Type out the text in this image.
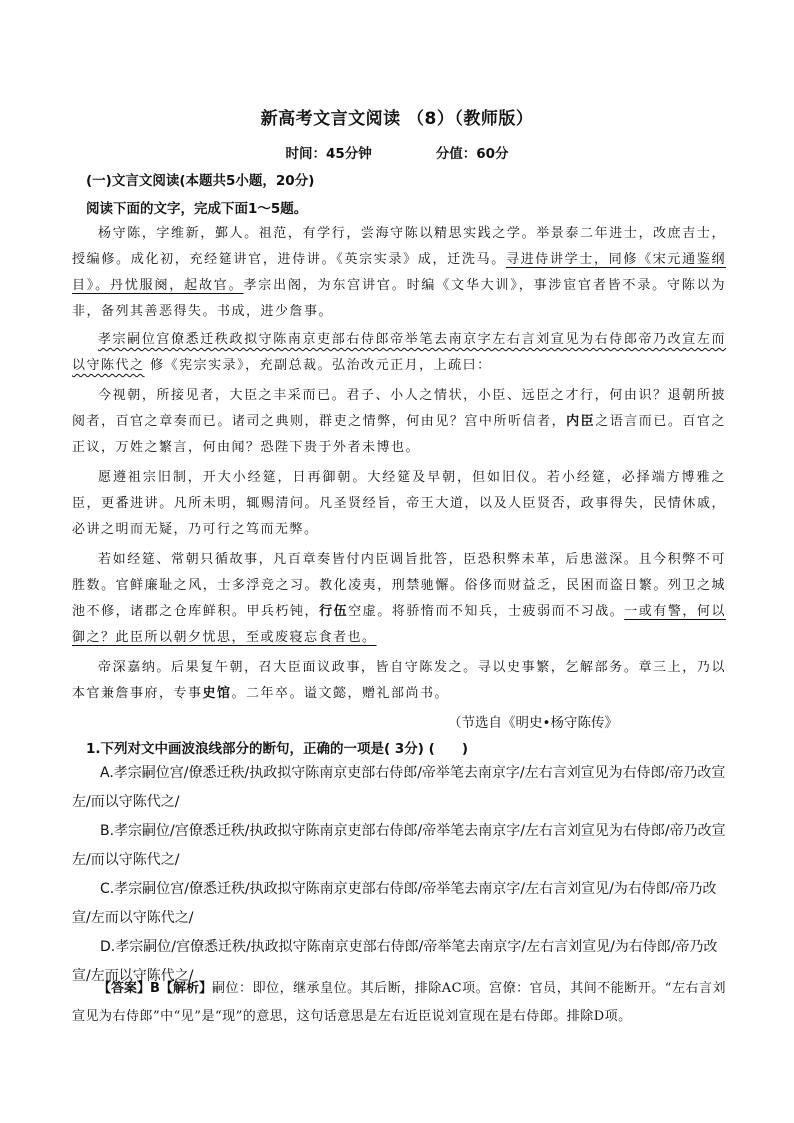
新高考文言文阅读 （8）（教师版）
时间：45分钟	分值：60分
(一)文言文阅读(本题共5小题，20分)
阅读下面的文字，完成下面1～5题。

杨守陈，字维新，鄞人。祖范，有学行，尝海守陈以精思实践之学。举景泰二年进士，改庶吉士，授编修。成化初，充经筵讲官，进侍讲。《英宗实录》成，迁洗马。寻进侍讲学士，同修《宋元通鉴纲目》。丹忧服阕，起故官。孝宗出阁，为东宫讲官。时编《文华大训》，事涉宦官者皆不录。守陈以为非，备列其善恶得失。书成，进少詹事。

孝宗嗣位宫僚悉迁秩政拟守陈南京吏部右侍郎帝举笔去南京字左右言刘宣见为右侍郎帝乃改宣左而以守陈代之 修《宪宗实录》，充副总裁。弘治改元正月，上疏曰：

今视朝，所接见者，大臣之丰采而已。君子、小人之情状，小臣、远臣之才行，何由识？退朝所披阅者，百官之章奏而已。诸司之典则，群吏之情弊，何由见？宫中所听信者，内臣之语言而已。百官之正议，万姓之繁言，何由闻？恐陛下贵于外者未博也。

愿遵祖宗旧制，开大小经筵，日再御朝。大经筵及早朝，但如旧仪。若小经筵，必择端方博雅之臣，更番进讲。凡所未明，辄赐清问。凡圣贤经旨，帝王大道，以及人臣贤否，政事得失，民情休戚，必讲之明而无疑，乃可行之笃而无弊。

若如经筵、常朝只循故事，凡百章奏皆付内臣调旨批答，臣恐积弊未革，后患滋深。且今积弊不可胜数。官鲜廉耻之风，士多浮竞之习。教化凌夷，刑禁驰懈。俗侈而财益乏，民困而盗日繁。列卫之城池不修，诸郡之仓库鲜积。甲兵朽钝，行伍空虚。将骄惰而不知兵，士疲弱而不习战。一或有警，何以御之？此臣所以朝夕忧思，至或废寝忘食者也。

帝深嘉纳。后果复午朝，召大臣面议政事，皆自守陈发之。寻以史事繁，乞解部务。章三上，乃以本官兼詹事府，专事史馆。二年卒。谥文懿，赠礼部尚书。

（节选自《明史•杨守陈传》
1.下列对文中画波浪线部分的断句，正确的一项是( 3分) (　　)

A.孝宗嗣位宫/僚悉迁秩/执政拟守陈南京吏部右侍郎/帝举笔去南京字/左右言刘宣见为右侍郎/帝乃改宣左/而以守陈代之/

B.孝宗嗣位/宫僚悉迁秩/执政拟守陈南京吏部右侍郎/帝举笔去南京字/左右言刘宣见为右侍郎/帝乃改宣左/而以守陈代之/

C.孝宗嗣位宫/僚悉迁秩/执政拟守陈南京吏部右侍郎/帝举笔去南京字/左右言刘宣见/为右侍郎/帝乃改宣/左而以守陈代之/

D.孝宗嗣位/宫僚悉迁秩/执政拟守陈南京吏部右侍郎/帝举笔去南京字/左右言刘宣见/为右侍郎/帝乃改宣/左而以守陈代之/

【答案】B【解析】嗣位：即位，继承皇位。其后断，排除AC项。宫僚：官员，其间不能断开。“左右言刘宣见为右侍郎”中“见”是“现”的意思，这句话意思是左右近臣说刘宣现在是右侍郎。排除D项。
